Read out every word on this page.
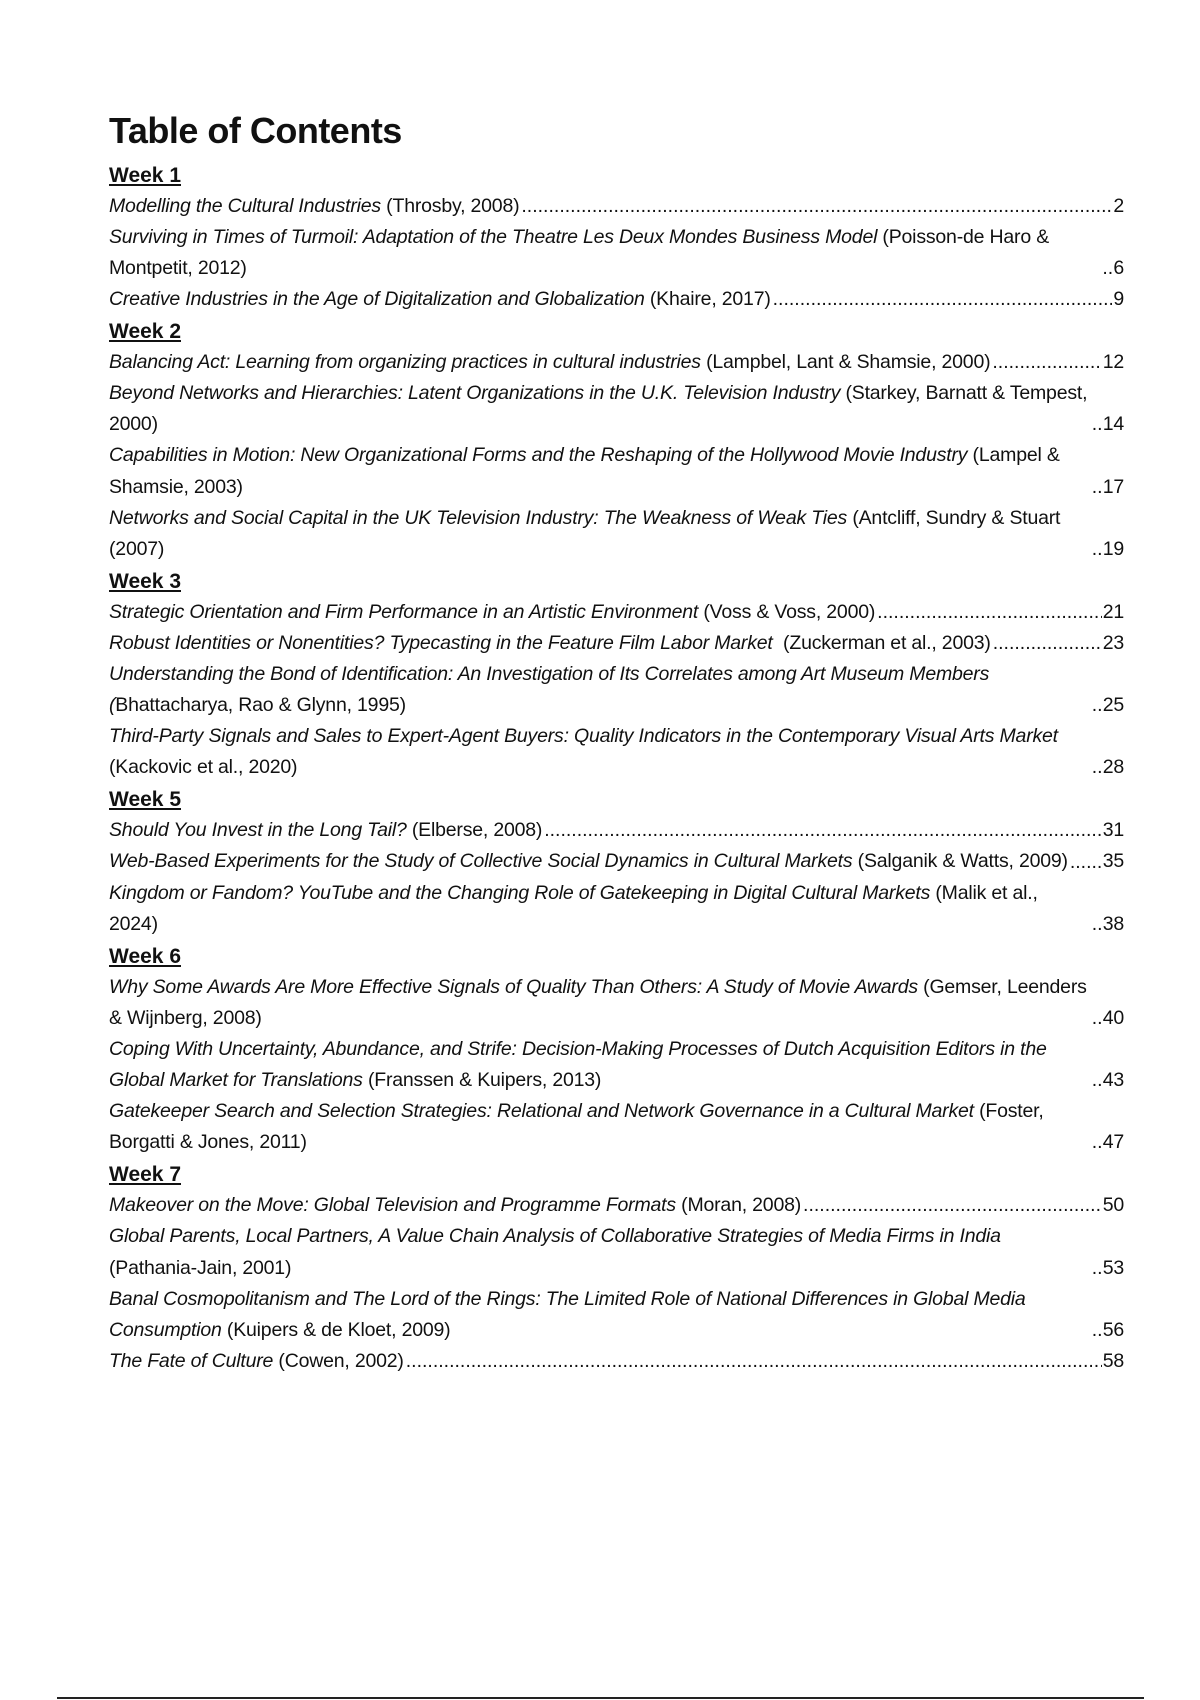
Table of Contents
Week 1
Modelling the Cultural Industries (Throsby, 2008) .....	2
Surviving in Times of Turmoil: Adaptation of the Theatre Les Deux Mondes Business Model (Poisson-de Haro & Montpetit, 2012) .....	6
Creative Industries in the Age of Digitalization and Globalization (Khaire, 2017) .....	9
Week 2
Balancing Act: Learning from organizing practices in cultural industries (Lampbel, Lant & Shamsie, 2000) .....	12
Beyond Networks and Hierarchies: Latent Organizations in the U.K. Television Industry (Starkey, Barnatt & Tempest, 2000) .....	14
Capabilities in Motion: New Organizational Forms and the Reshaping of the Hollywood Movie Industry (Lampel & Shamsie, 2003) .....	17
Networks and Social Capital in the UK Television Industry: The Weakness of Weak Ties (Antcliff, Sundry & Stuart (2007) .....	19
Week 3
Strategic Orientation and Firm Performance in an Artistic Environment (Voss & Voss, 2000) .....	21
Robust Identities or Nonentities? Typecasting in the Feature Film Labor Market  (Zuckerman et al., 2003) .....	23
Understanding the Bond of Identification: An Investigation of Its Correlates among Art Museum Members (Bhattacharya, Rao & Glynn, 1995) .....	25
Third-Party Signals and Sales to Expert-Agent Buyers: Quality Indicators in the Contemporary Visual Arts Market (Kackovic et al., 2020) .....	28
Week 5
Should You Invest in the Long Tail? (Elberse, 2008) .....	31
Web-Based Experiments for the Study of Collective Social Dynamics in Cultural Markets (Salganik & Watts, 2009) ..... 35
Kingdom or Fandom? YouTube and the Changing Role of Gatekeeping in Digital Cultural Markets (Malik et al., 2024) .....	38
Week 6
Why Some Awards Are More Effective Signals of Quality Than Others: A Study of Movie Awards (Gemser, Leenders & Wijnberg, 2008) .....	40
Coping With Uncertainty, Abundance, and Strife: Decision-Making Processes of Dutch Acquisition Editors in the Global Market for Translations (Franssen & Kuipers, 2013) .....	43
Gatekeeper Search and Selection Strategies: Relational and Network Governance in a Cultural Market (Foster, Borgatti & Jones, 2011) .....	47
Week 7
Makeover on the Move: Global Television and Programme Formats (Moran, 2008) .....	50
Global Parents, Local Partners, A Value Chain Analysis of Collaborative Strategies of Media Firms in India (Pathania-Jain, 2001) .....	53
Banal Cosmopolitanism and The Lord of the Rings: The Limited Role of National Differences in Global Media Consumption (Kuipers & de Kloet, 2009) .....	56
The Fate of Culture (Cowen, 2002) .....	58
